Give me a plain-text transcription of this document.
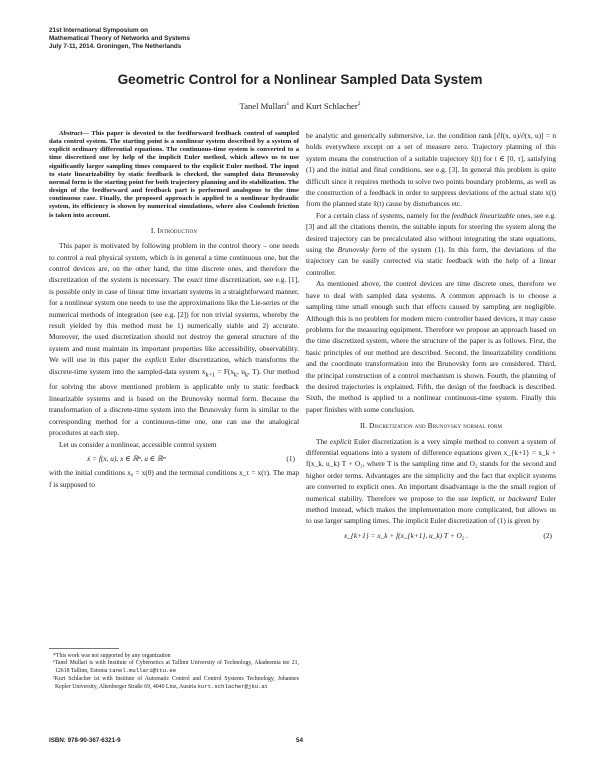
21st International Symposium on
Mathematical Theory of Networks and Systems
July 7-11, 2014. Groningen, The Netherlands
Geometric Control for a Nonlinear Sampled Data System
Tanel Mullari$^1$ and Kurt Schlacher$^2$

Abstract— This paper is devoted to the feedforward feedback control of sampled data control system. The starting point is a nonlinear system described by a system of explicit ordinary differential equations. The continuous-time system is converted to a time discretized one by help of the implicit Euler method, which allows us to use significantly larger sampling times compared to the explicit Euler method. The input to state linearizability by static feedback is checked, the sampled data Brunovsky normal form is the starting point for both trajectory planning and its stabilization. The design of the feedforward and feedback part is performed analogous to the time continuous case. Finally, the proposed approach is applied to a nonlinear hydraulic system, its efficiency is shown by numerical simulations, where also Coulomb friction is taken into account.

I. Introduction

This paper is motivated by following problem in the control theory – one needs to control a real physical system, which is in general a time continuous one, but the control devices are, on the other hand, the time discrete ones, and therefore the discretization of the system is necessary. The exact time discretization, see e.g. [1], is possible only in case of linear time invariant systems in a straightforward manner, for a nonlinear system one needs to use the approximations like the Lie-series or the numerical methods of integration (see e.g. [2]) for non trivial systems, whereby the result yielded by this method must be 1) numerically stable and 2) accurate. Moreover, the used discretization should not destroy the general structure of the system and must maintain its important properties like accessibility, observability. We will use in this paper the explicit Euler discretization, which transforms the discrete-time system into the sampled-data system $x_{k+1} = F(x_k$, $u_k$, T). Our method for solving the above mentioned problem is applicable only to static feedback linearizable systems and is based on the Brunovsky normal form. Because the transformation of a discrete-time system into the Brunovsky form is similar to the corresponding method for a continuous-time one, one can use the analogical procedures at each step.

Let us consider a nonlinear, accessible control system

ẋ = f(x, u), x ∈ ℝⁿ, u ∈ ℝᵐ	(1)

with the initial conditions x₀ = x(0) and the terminal conditions x_τ = x(τ). The map f is supposed to

*This work was not supported by any organization

¹Tanel Mullari is with Institute of Cybernetics at Tallinn University of Technology, Akadeemia tee 21, 12618 Tallinn, Estonia tanel.mullari@ttu.ee

²Kurt Schlacher ist with Institute of Automatic Control and Control Systems Technology, Johannes Kepler University, Altenberger Straße 69, 4040 Linz, Austria kurt.schlacher@jku.at

be analytic and generically submersive, i.e. the condition rank [∂f(x, u)/∂(x, u)] = n holds everywhere except on a set of measure zero. Trajectory planning of this system means the construction of a suitable trajectory x̃(t) for t ∈ [0, τ], satisfying (1) and the initial and final conditions, see e.g. [3]. In general this problem is quite difficult since it requires methods to solve two points boundary problems, as well as the construction of a feedback in order to suppress deviations of the actual state x(t) from the planned state x̃(t) cause by disturbances etc.

For a certain class of systems, namely for the feedback linearizable ones, see e.g. [3] and all the citations therein, the suitable inputs for steering the system along the desired trajectory can be precalculated also without integrating the state equations, using the Brunovsky form of the system (1). In this form, the deviations of the trajectory can be easily corrected via static feedback with the help of a linear controller.

As mentioned above, the control devices are time discrete ones, therefore we have to deal with sampled data systems. A common approach is to choose a sampling time small enough such that effects caused by sampling are negligible. Although this is no problem for modern micro controller based devices, it may cause problems for the measuring equipment. Therefore we propose an approach based on the time discretized system, where the structure of the paper is as follows. First, the basic principles of our method are described. Second, the linearizability conditions and the coordinate transformation into the Brunovsky form are considered. Third, the principal construction of a control mechanism is shown. Fourth, the planning of the desired trajectories is explained. Fifth, the design of the feedback is described. Sixth, the method is applied to a nonlinear continuous-time system. Finally this paper finishes with some conclusion.

II. Discretization and Brunovsky normal form

The explicit Euler discretization is a very simple method to convert a system of differential equations into a system of difference equations given x_{k+1} = x_k + f(x_k, u_k) T + O₂, where T is the sampling time and O₂ stands for the second and higher order terms. Advantages are the simplicity and the fact that explicit systems are converted to explicit ones. An important disadvantage is the the small region of numerical stability. Therefore we propose to the use implicit, or backward Euler method instead, which makes the implementation more complicated, but allows us to use larger sampling times. The implicit Euler discretization of (1) is given by

x_{k+1} = x_k + f(x_{k+1}, u_k) T + O₂ .	(2)
ISBN: 978-90-367-6321-9	54
